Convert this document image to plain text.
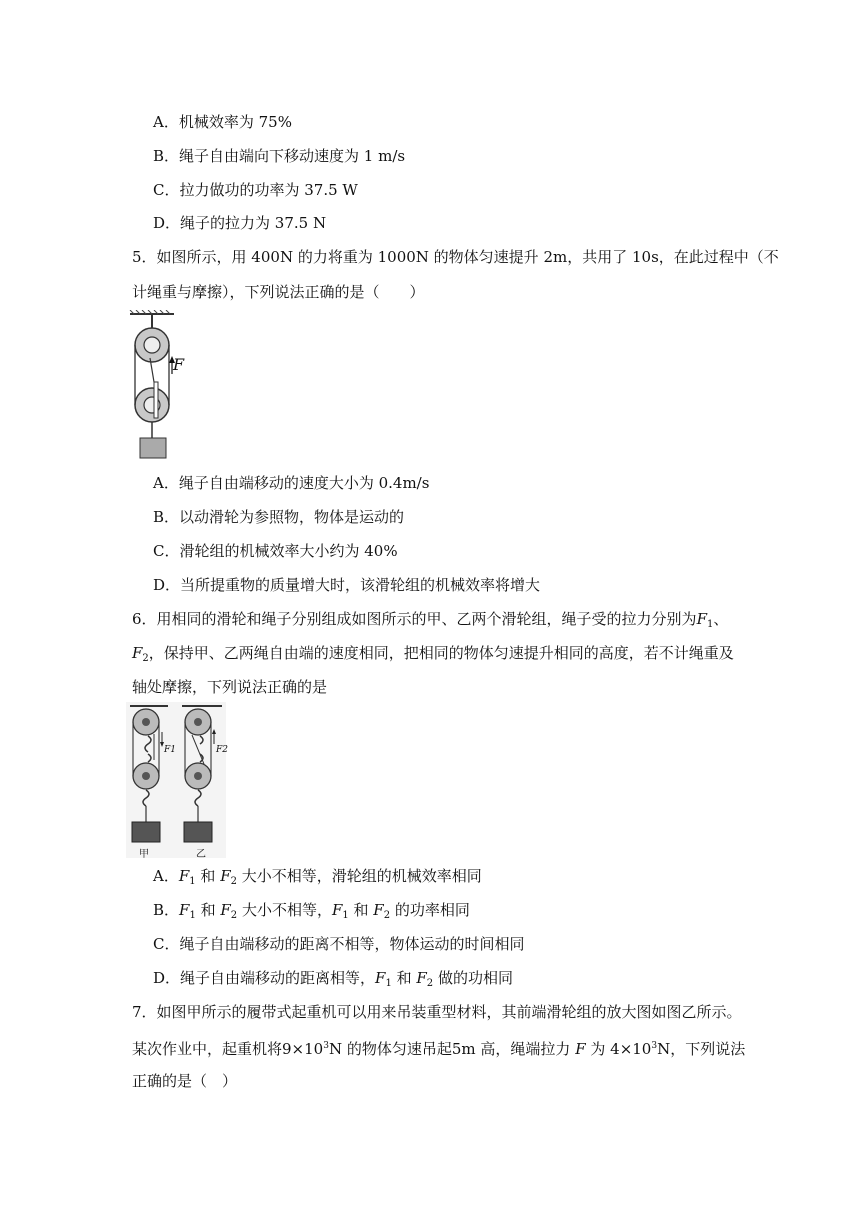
A．机械效率为 75%
B．绳子自由端向下移动速度为 1 m/s
C．拉力做功的功率为 37.5 W
D．绳子的拉力为 37.5 N
5．如图所示，用 400N 的力将重为 1000N 的物体匀速提升 2m，共用了 10s，在此过程中（不
计绳重与摩擦），下列说法正确的是（　　）
F
A．绳子自由端移动的速度大小为 0.4m/s
B．以动滑轮为参照物，物体是运动的
C．滑轮组的机械效率大小约为 40%
D．当所提重物的质量增大时，该滑轮组的机械效率将增大
6．用相同的滑轮和绳子分别组成如图所示的甲、乙两个滑轮组，绳子受的拉力分别为$F_1$、
$F_2$，保持甲、乙两绳自由端的速度相同，把相同的物体匀速提升相同的高度，若不计绳重及
轴处摩擦，下列说法正确的是
F1	F2
甲	乙
A．$F_1$ 和 $F_2$ 大小不相等，滑轮组的机械效率相同
B．$F_1$ 和 $F_2$ 大小不相等，$F_1$ 和 $F_2$ 的功率相同
C．绳子自由端移动的距离不相等，物体运动的时间相同
D．绳子自由端移动的距离相等，$F_1$ 和 $F_2$ 做的功相同
7．如图甲所示的履带式起重机可以用来吊装重型材料，其前端滑轮组的放大图如图乙所示。
某次作业中，起重机将$9\times 10^3N$ 的物体匀速吊起5m 高，绳端拉力 F 为 $4\times 10^3N$，下列说法
正确的是（　）
